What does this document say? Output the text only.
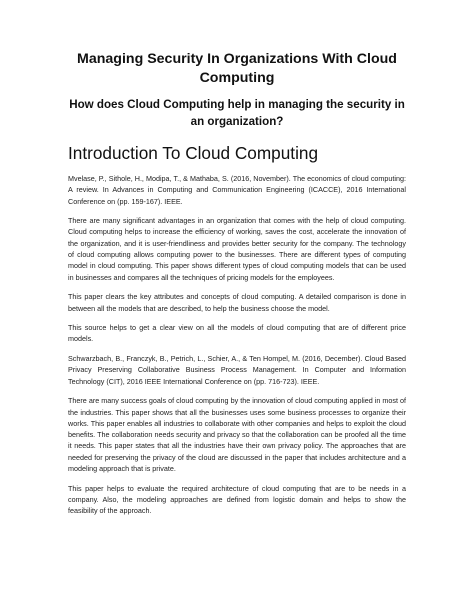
Managing Security In Organizations With Cloud Computing
How does Cloud Computing help in managing the security in an organization?
Introduction To Cloud Computing

Mvelase, P., Sithole, H., Modipa, T., & Mathaba, S. (2016, November). The economics of cloud computing: A review. In Advances in Computing and Communication Engineering (ICACCE), 2016 International Conference on (pp. 159-167). IEEE.

There are many significant advantages in an organization that comes with the help of cloud computing. Cloud computing helps to increase the efficiency of working, saves the cost, accelerate the innovation of the organization, and it is user-friendliness and provides better security for the company. The technology of cloud computing allows computing power to the businesses. There are different types of computing model in cloud computing. This paper shows different types of cloud computing models that can be used in businesses and compares all the techniques of pricing models for the employees.

This paper clears the key attributes and concepts of cloud computing. A detailed comparison is done in between all the models that are described, to help the business choose the model.

This source helps to get a clear view on all the models of cloud computing that are of different price models.

Schwarzbach, B., Franczyk, B., Petrich, L., Schier, A., & Ten Hompel, M. (2016, December). Cloud Based Privacy Preserving Collaborative Business Process Management. In Computer and Information Technology (CIT), 2016 IEEE International Conference on (pp. 716-723). IEEE.

There are many success goals of cloud computing by the innovation of cloud computing applied in most of the industries. This paper shows that all the businesses uses some business processes to organize their works. This paper enables all industries to collaborate with other companies and helps to exploit the cloud benefits. The collaboration needs security and privacy so that the collaboration can be proofed all the time it needs. This paper states that all the industries have their own privacy policy. The approaches that are needed for preserving the privacy of the cloud are discussed in the paper that includes architecture and a modeling approach that is private.

This paper helps to evaluate the required architecture of cloud computing that are to be needs in a company. Also, the modeling approaches are defined from logistic domain and helps to show the feasibility of the approach.
